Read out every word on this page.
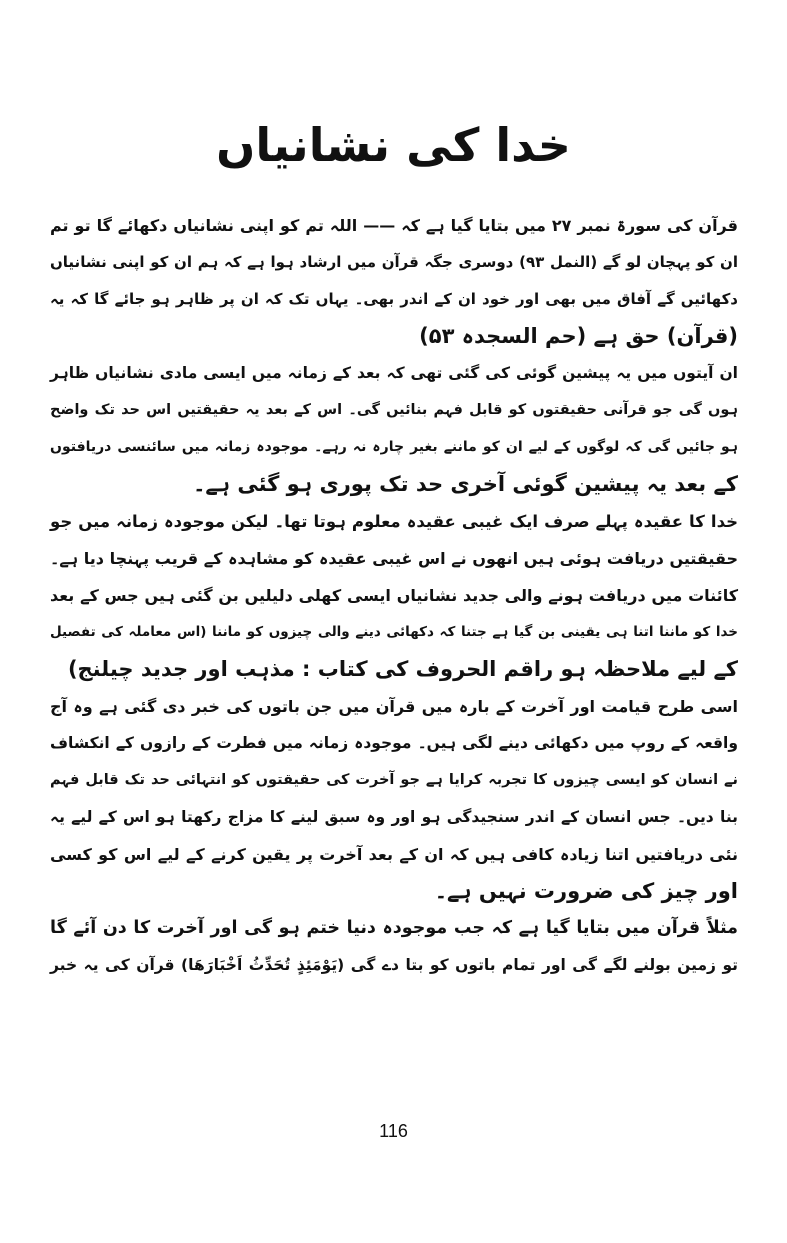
خدا کی نشانیاں
قرآن کی سورۃ نمبر ۲۷ میں بتایا گیا ہے کہ —— اللہ تم کو اپنی نشانیاں دکھائے گا تو تم
ان کو پہچان لو گے (النمل ۹۳) دوسری جگہ قرآن میں ارشاد ہوا ہے کہ ہم ان کو اپنی نشانیاں
دکھائیں گے آفاق میں بھی اور خود ان کے اندر بھی۔ یہاں تک کہ ان پر ظاہر ہو جائے گا کہ یہ
(قرآن) حق ہے (حم السجدہ ۵۳)
ان آیتوں میں یہ پیشین گوئی کی گئی تھی کہ بعد کے زمانہ میں ایسی مادی نشانیاں ظاہر
ہوں گی جو قرآنی حقیقتوں کو قابل فہم بنائیں گی۔ اس کے بعد یہ حقیقتیں اس حد تک واضح
ہو جائیں گی کہ لوگوں کے لیے ان کو ماننے بغیر چارہ نہ رہے۔ موجودہ زمانہ میں سائنسی دریافتوں
کے بعد یہ پیشین گوئی آخری حد تک پوری ہو گئی ہے۔
خدا کا عقیدہ پہلے صرف ایک غیبی عقیدہ معلوم ہوتا تھا۔ لیکن موجودہ زمانہ میں جو
حقیقتیں دریافت ہوئی ہیں انھوں نے اس غیبی عقیدہ کو مشاہدہ کے قریب پہنچا دیا ہے۔
کائنات میں دریافت ہونے والی جدید نشانیاں ایسی کھلی دلیلیں بن گئی ہیں جس کے بعد
خدا کو ماننا اتنا ہی یقینی بن گیا ہے جتنا کہ دکھائی دینے والی چیزوں کو ماننا (اس معاملہ کی تفصیل
کے لیے ملاحظہ ہو راقم الحروف کی کتاب : مذہب اور جدید چیلنج)
اسی طرح قیامت اور آخرت کے بارہ میں قرآن میں جن باتوں کی خبر دی گئی ہے وہ آج
واقعہ کے روپ میں دکھائی دینے لگی ہیں۔ موجودہ زمانہ میں فطرت کے رازوں کے انکشاف
نے انسان کو ایسی چیزوں کا تجربہ کرایا ہے جو آخرت کی حقیقتوں کو انتہائی حد تک قابل فہم
بنا دیں۔ جس انسان کے اندر سنجیدگی ہو اور وہ سبق لینے کا مزاج رکھتا ہو اس کے لیے یہ
نئی دریافتیں اتنا زیادہ کافی ہیں کہ ان کے بعد آخرت پر یقین کرنے کے لیے اس کو کسی
اور چیز کی ضرورت نہیں ہے۔
مثلاً قرآن میں بتایا گیا ہے کہ جب موجودہ دنیا ختم ہو گی اور آخرت کا دن آئے گا
تو زمین بولنے لگے گی اور تمام باتوں کو بتا دے گی (یَوْمَئِذٍ تُحَدِّثُ اَخْبَارَھَا) قرآن کی یہ خبر
116
